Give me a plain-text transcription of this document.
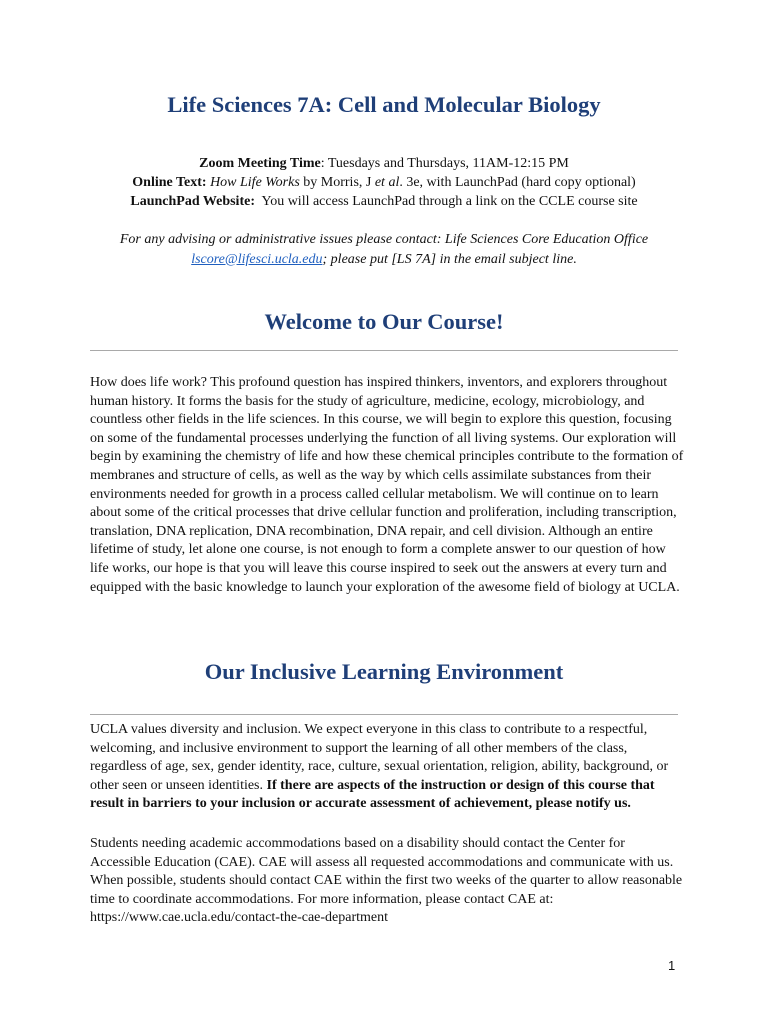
Life Sciences 7A: Cell and Molecular Biology
Zoom Meeting Time: Tuesdays and Thursdays, 11AM-12:15 PM
Online Text: How Life Works by Morris, J et al. 3e, with LaunchPad (hard copy optional)
LaunchPad Website:  You will access LaunchPad through a link on the CCLE course site
For any advising or administrative issues please contact: Life Sciences Core Education Office
lscore@lifesci.ucla.edu; please put [LS 7A] in the email subject line.
Welcome to Our Course!
How does life work? This profound question has inspired thinkers, inventors, and explorers throughout
human history. It forms the basis for the study of agriculture, medicine, ecology, microbiology, and
countless other fields in the life sciences. In this course, we will begin to explore this question, focusing
on some of the fundamental processes underlying the function of all living systems. Our exploration will
begin by examining the chemistry of life and how these chemical principles contribute to the formation of
membranes and structure of cells, as well as the way by which cells assimilate substances from their
environments needed for growth in a process called cellular metabolism. We will continue on to learn
about some of the critical processes that drive cellular function and proliferation, including transcription,
translation, DNA replication, DNA recombination, DNA repair, and cell division. Although an entire
lifetime of study, let alone one course, is not enough to form a complete answer to our question of how
life works, our hope is that you will leave this course inspired to seek out the answers at every turn and
equipped with the basic knowledge to launch your exploration of the awesome field of biology at UCLA.
Our Inclusive Learning Environment
UCLA values diversity and inclusion. We expect everyone in this class to contribute to a respectful,
welcoming, and inclusive environment to support the learning of all other members of the class,
regardless of age, sex, gender identity, race, culture, sexual orientation, religion, ability, background, or
other seen or unseen identities. If there are aspects of the instruction or design of this course that
result in barriers to your inclusion or accurate assessment of achievement, please notify us.
Students needing academic accommodations based on a disability should contact the Center for
Accessible Education (CAE). CAE will assess all requested accommodations and communicate with us.
When possible, students should contact CAE within the first two weeks of the quarter to allow reasonable
time to coordinate accommodations. For more information, please contact CAE at:
https://www.cae.ucla.edu/contact-the-cae-department
1
